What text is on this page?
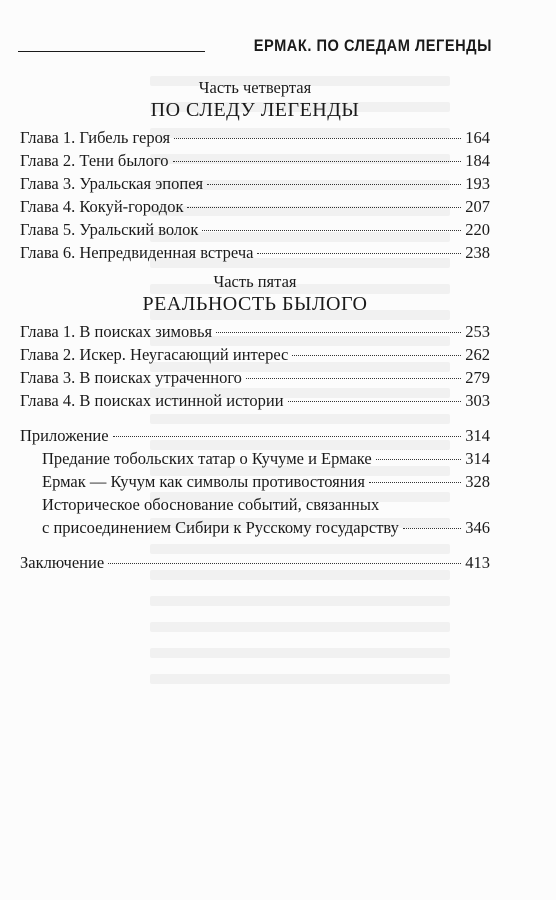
ЕРМАК. ПО СЛЕДАМ ЛЕГЕНДЫ
Часть четвертая
ПО СЛЕДУ ЛЕГЕНДЫ
Глава 1. Гибель героя	164
Глава 2. Тени былого	184
Глава 3. Уральская эпопея	193
Глава 4. Кокуй-городок	207
Глава 5. Уральский волок	220
Глава 6. Непредвиденная встреча	238
Часть пятая
РЕАЛЬНОСТЬ БЫЛОГО
Глава 1. В поисках зимовья	253
Глава 2. Искер. Неугасающий интерес	262
Глава 3. В поисках утраченного	279
Глава 4. В поисках истинной истории	303
Приложение	314
Предание тобольских татар о Кучуме и Ермаке	314
Ермак — Кучум как символы противостояния	328
Историческое обоснование событий, связанных
с присоединением Сибири к Русскому государству	346
Заключение	413
